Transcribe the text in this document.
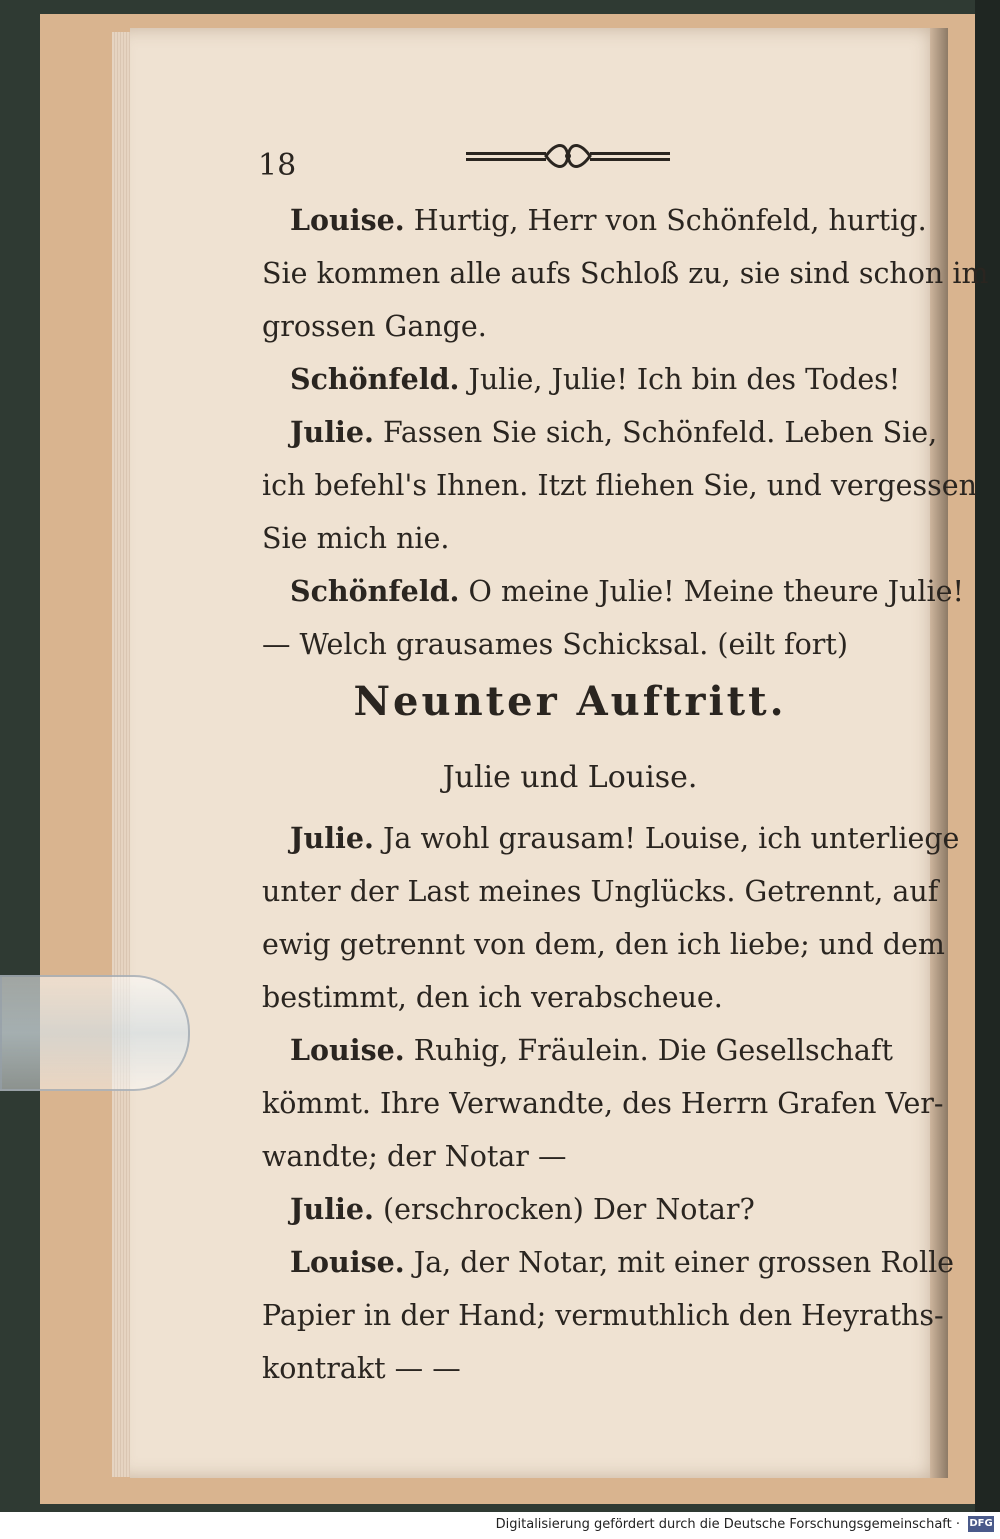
18
Louise. Hurtig, Herr von Schönfeld, hurtig.
Sie kommen alle aufs Schloß zu, sie sind schon im
grossen Gange.
Schönfeld. Julie, Julie! Ich bin des Todes!
Julie. Fassen Sie sich, Schönfeld. Leben Sie,
ich befehl's Ihnen. Itzt fliehen Sie, und vergessen
Sie mich nie.
Schönfeld. O meine Julie! Meine theure Julie!
— Welch grausames Schicksal. (eilt fort)
Neunter Auftritt.
Julie und Louise.
Julie. Ja wohl grausam! Louise, ich unterliege
unter der Last meines Unglücks. Getrennt, auf
ewig getrennt von dem, den ich liebe; und dem
bestimmt, den ich verabscheue.
Louise. Ruhig, Fräulein. Die Gesellschaft
kömmt. Ihre Verwandte, des Herrn Grafen Ver-
wandte; der Notar —
Julie. (erschrocken) Der Notar?
Louise. Ja, der Notar, mit einer grossen Rolle
Papier in der Hand; vermuthlich den Heyraths-
kontrakt — —
Digitalisierung gefördert durch die Deutsche Forschungsgemeinschaft · DFG
